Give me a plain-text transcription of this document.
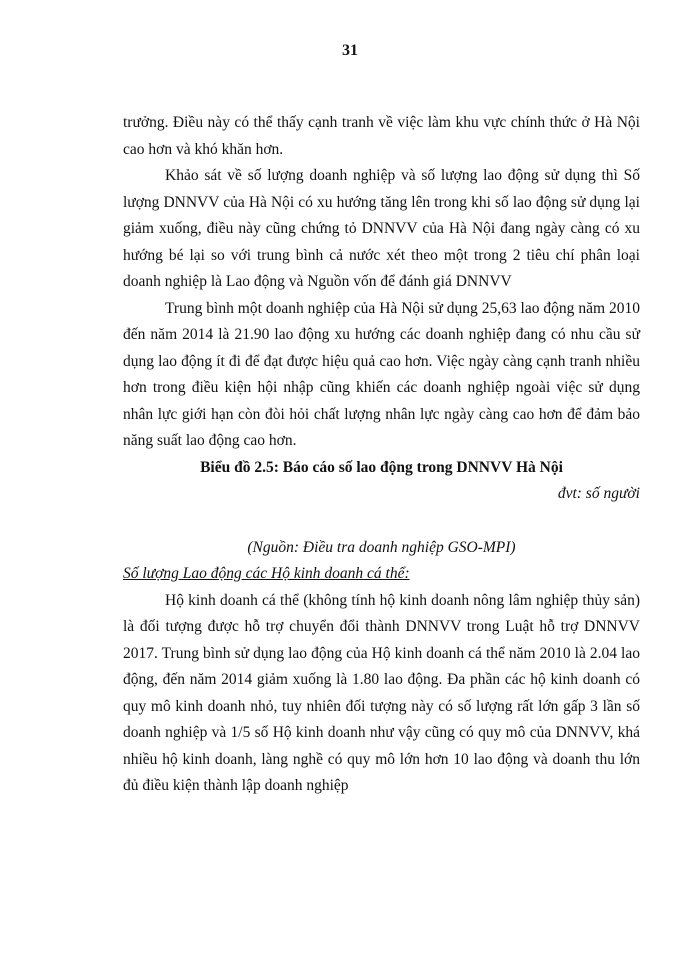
31

trưởng. Điều này có thể thấy cạnh tranh về việc làm khu vực chính thức ở Hà Nội cao hơn và khó khăn hơn.

Khảo sát về số lượng doanh nghiệp và số lượng lao động sử dụng thì Số lượng DNNVV của Hà Nội có xu hướng tăng lên trong khi số lao động sử dụng lại giảm xuống, điều này cũng chứng tỏ DNNVV của Hà Nội đang ngày càng có xu hướng bé lại so với trung bình cả nước xét theo một trong 2 tiêu chí phân loại doanh nghiệp là Lao động và Nguồn vốn để đánh giá DNNVV

Trung bình một doanh nghiệp của Hà Nội sử dụng 25,63 lao động năm 2010 đến năm 2014 là 21.90 lao động xu hướng các doanh nghiệp đang có nhu cầu sử dụng lao động ít đi để đạt được hiệu quả cao hơn. Việc ngày càng cạnh tranh nhiều hơn trong điều kiện hội nhập cũng khiến các doanh nghiệp ngoài việc sử dụng nhân lực giới hạn còn đòi hỏi chất lượng nhân lực ngày càng cao hơn để đảm bảo năng suất lao động cao hơn.

Biểu đồ 2.5: Báo cáo số lao động trong DNNVV Hà Nội

đvt: số người

(Nguồn: Điều tra doanh nghiệp GSO-MPI)

Số lượng Lao động các Hộ kinh doanh cá thể:

Hộ kinh doanh cá thể (không tính hộ kinh doanh nông lâm nghiệp thủy sản) là đối tượng được hỗ trợ chuyển đổi thành DNNVV trong Luật hỗ trợ DNNVV 2017. Trung bình sử dụng lao động của Hộ kinh doanh cá thể năm 2010 là 2.04 lao động, đến năm 2014 giảm xuống là 1.80 lao động. Đa phần các hộ kinh doanh có quy mô kinh doanh nhỏ, tuy nhiên đối tượng này có số lượng rất lớn gấp 3 lần số doanh nghiệp và 1/5 số Hộ kinh doanh như vậy cũng có quy mô của DNNVV, khá nhiều hộ kinh doanh, làng nghề có quy mô lớn hơn 10 lao động và doanh thu lớn đủ điều kiện thành lập doanh nghiệp
